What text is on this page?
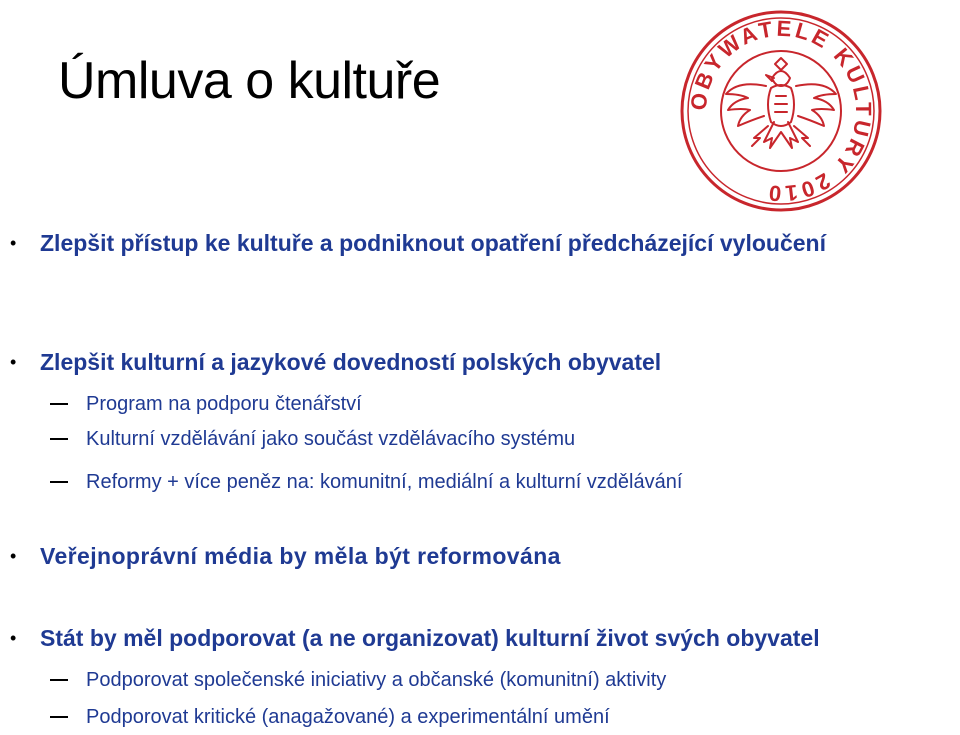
Úmluva o kultuře	OBYWATELE KULTURY 2010
• Zlepšit přístup ke kultuře a podniknout opatření předcházející vyloučení
• Zlepšit kulturní a jazykové dovedností polských obyvatel
Program na podporu čtenářství
Kulturní vzdělávání jako součást vzdělávacího systému
Reformy + více peněz na: komunitní, mediální a kulturní vzdělávání
• Veřejnoprávní média by měla být reformována
• Stát by měl podporovat (a ne organizovat) kulturní život svých obyvatel
Podporovat společenské iniciativy a občanské (komunitní) aktivity
Podporovat kritické (anagažované) a experimentální umění
